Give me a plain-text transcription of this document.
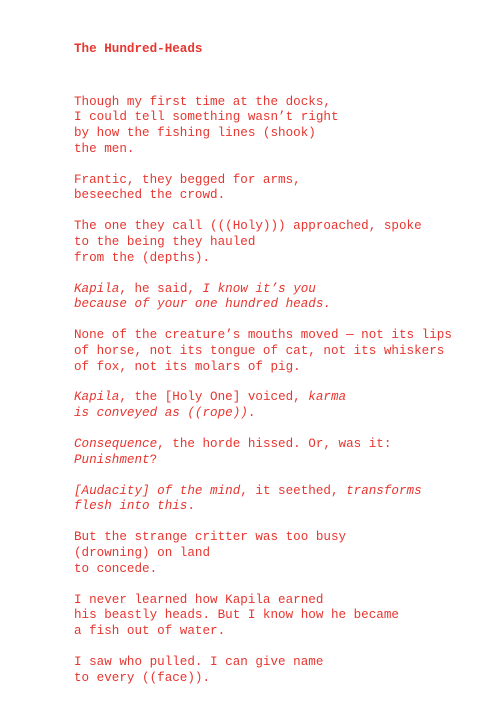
The Hundred-Heads
Though my first time at the docks,
I could tell something wasn’t right
by how the fishing lines (shook)
the men.
Frantic, they begged for arms,
beseeched the crowd.
The one they call (((Holy))) approached, spoke
to the being they hauled
from the (depths).
Kapila, he said, I know it’s you
because of your one hundred heads.
None of the creature’s mouths moved — not its lips
of horse, not its tongue of cat, not its whiskers
of fox, not its molars of pig.
Kapila, the [Holy One] voiced, karma
is conveyed as ((rope)).
Consequence, the horde hissed. Or, was it:
Punishment?
[Audacity] of the mind, it seethed, transforms
flesh into this.
But the strange critter was too busy
(drowning) on land
to concede.
I never learned how Kapila earned
his beastly heads. But I know how he became
a fish out of water.
I saw who pulled. I can give name
to every ((face)).
